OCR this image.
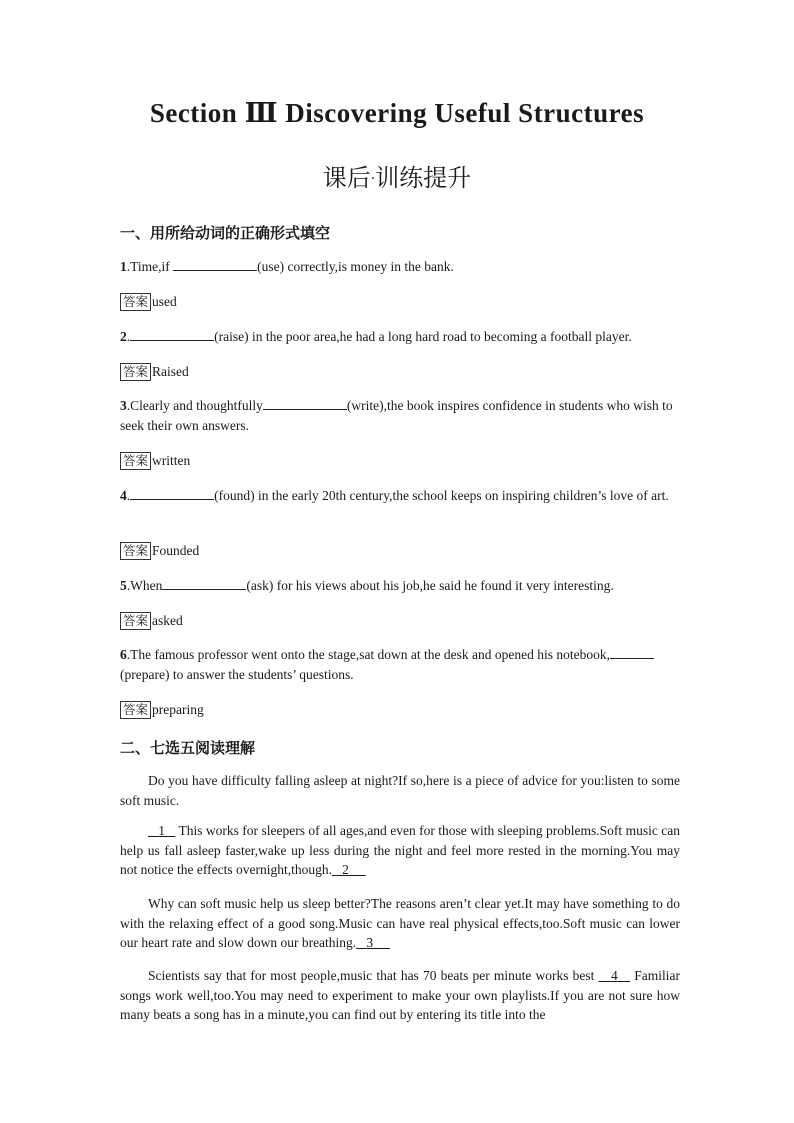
Section Ⅲ Discovering Useful Structures
课后·训练提升
一、用所给动词的正确形式填空
1.Time,if	(use) correctly,is money in the bank.
答案 used
2.	(raise) in the poor area,he had a long hard road to becoming a football player.
答案 Raised
3.Clearly and thoughtfully	(write),the book inspires confidence in students who wish to seek their own answers.
答案 written
4.	(found) in the early 20th century,the school keeps on inspiring children’s love of art.
答案 Founded
5.When	(ask) for his views about his job,he said he found it very interesting.
答案 asked
6.The famous professor went onto the stage,sat down at the desk and opened his notebook,(prepare) to answer the students’ questions.
答案 preparing
二、七选五阅读理解
Do you have difficulty falling asleep at night?If so,here is a piece of advice for you:listen to some soft music.
1 This works for sleepers of all ages,and even for those with sleeping problems.Soft music can help us fall asleep faster,wake up less during the night and feel more rested in the morning.You may not notice the effects overnight,though. 2
Why can soft music help us sleep better?The reasons aren’t clear yet.It may have something to do with the relaxing effect of a good song.Music can have real physical effects,too.Soft music can lower our heart rate and slow down our breathing. 3
Scientists say that for most people,music that has 70 beats per minute works best 4 Familiar songs work well,too.You may need to experiment to make your own playlists.If you are not sure how many beats a song has in a minute,you can find out by entering its title into the
